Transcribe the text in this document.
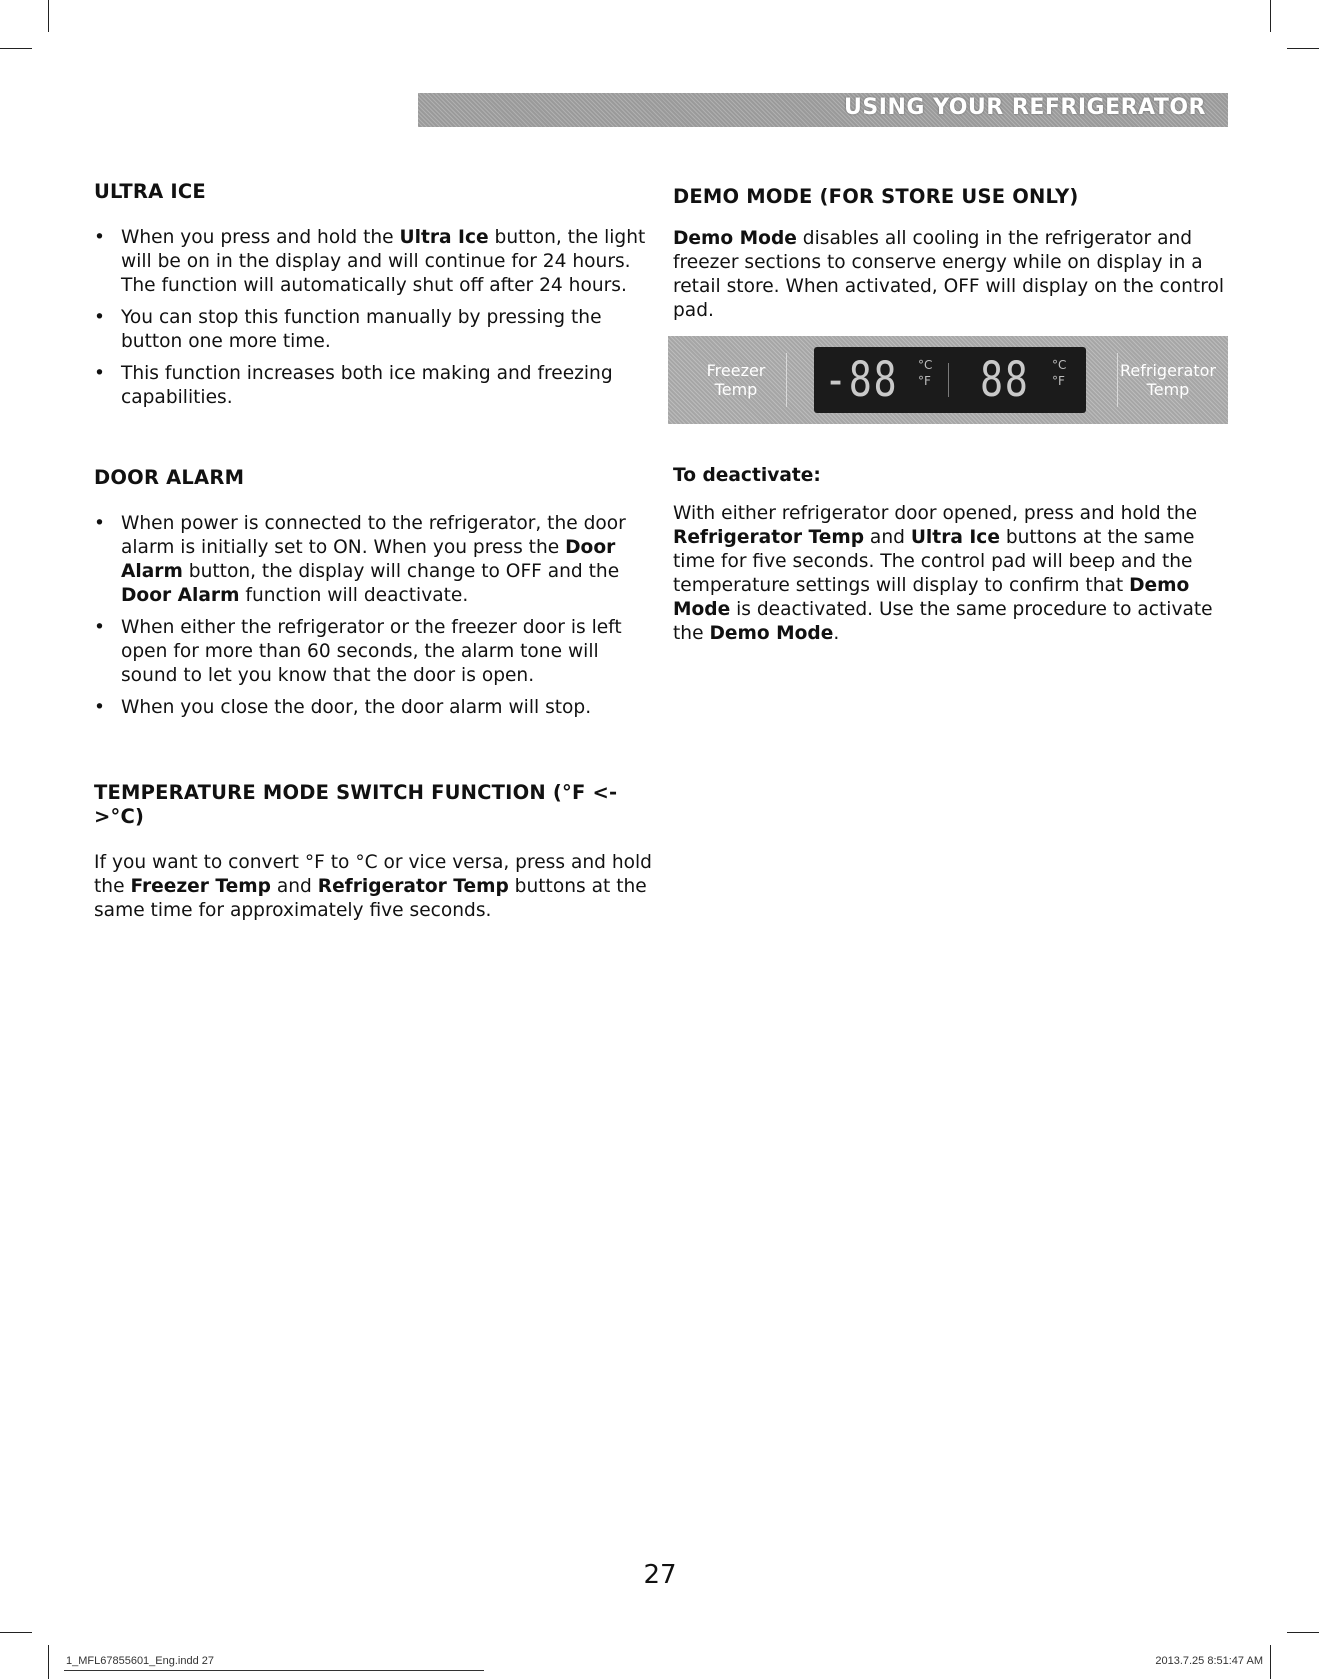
USING YOUR REFRIGERATOR
ULTRA ICE
• When you press and hold the Ultra Ice button, the light will be on in the display and will continue for 24 hours. The function will automatically shut off after 24 hours.
• You can stop this function manually by pressing the button one more time.
• This function increases both ice making and freezing capabilities.
DOOR ALARM
• When power is connected to the refrigerator, the door alarm is initially set to ON. When you press the Door Alarm button, the display will change to OFF and the Door Alarm function will deactivate.
• When either the refrigerator or the freezer door is left open for more than 60 seconds, the alarm tone will sound to let you know that the door is open.
• When you close the door, the door alarm will stop.
TEMPERATURE MODE SWITCH FUNCTION (°F <->°C)

If you want to convert °F to °C or vice versa, press and hold the Freezer Temp and Refrigerator Temp buttons at the same time for approximately five seconds.

DEMO MODE (FOR STORE USE ONLY)

Demo Mode disables all cooling in the refrigerator and freezer sections to conserve energy while on display in a retail store. When activated, OFF will display on the control pad.

Freezer
Temp	-88 °C
°F 88 °C
°F
Refrigerator
Temp
To deactivate:

With either refrigerator door opened, press and hold the Refrigerator Temp and Ultra Ice buttons at the same time for five seconds. The control pad will beep and the temperature settings will display to confirm that Demo Mode is deactivated. Use the same procedure to activate the Demo Mode.

27
1_MFL67855601_Eng.indd 27	2013.7.25 8:51:47 AM
